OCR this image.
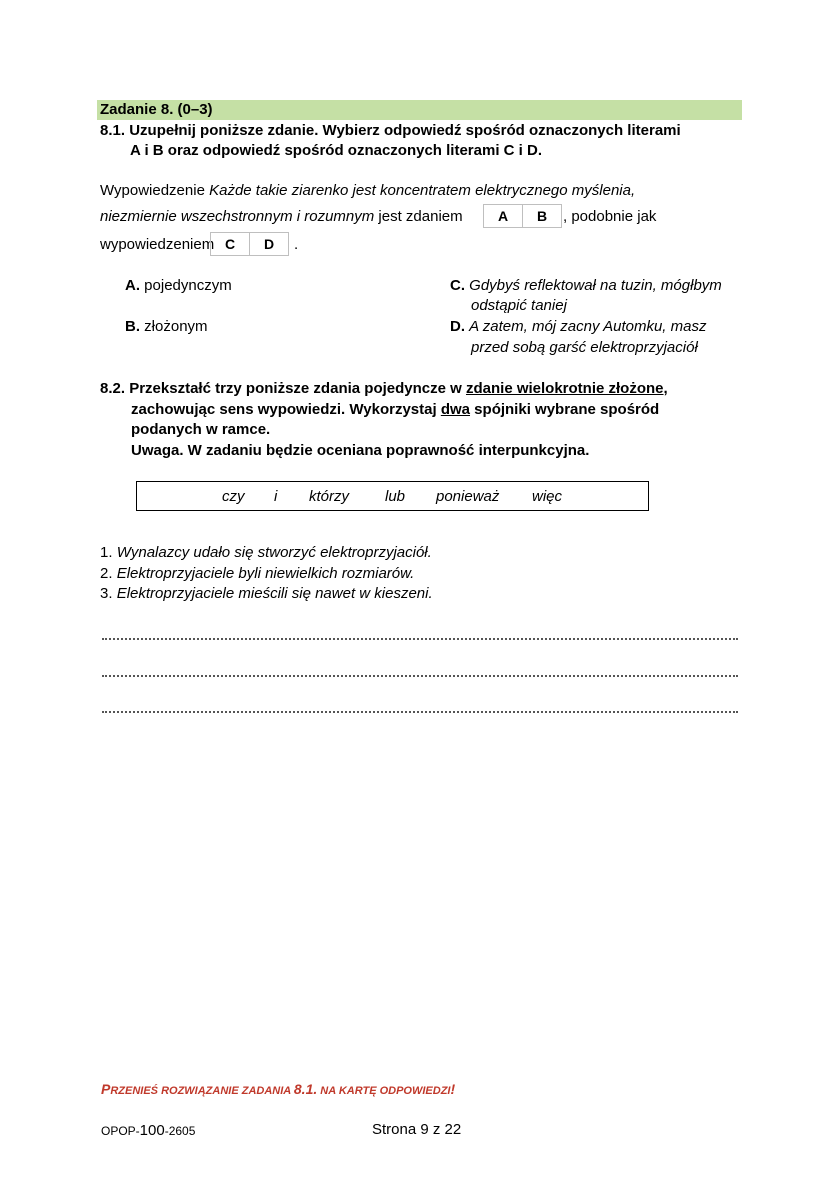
Zadanie 8. (0–3)
8.1. Uzupełnij poniższe zdanie. Wybierz odpowiedź spośród oznaczonych literami
A i B oraz odpowiedź spośród oznaczonych literami C i D.
Wypowiedzenie Każde takie ziarenko jest koncentratem elektrycznego myślenia,
niezmiernie wszechstronnym i rozumnym jest zdaniem	A B	, podobnie jak
wypowiedzeniem C D	.
A. pojedynczym
B. złożonym
C. Gdybyś reflektował na tuzin, mógłbym
odstąpić taniej
D. A zatem, mój zacny Automku, masz
przed sobą garść elektroprzyjaciół
8.2. Przekształć trzy poniższe zdania pojedyncze w zdanie wielokrotnie złożone,
zachowując sens wypowiedzi. Wykorzystaj dwa spójniki wybrane spośród
podanych w ramce.
Uwaga. W zadaniu będzie oceniana poprawność interpunkcyjna.
czy i którzy lub ponieważ więc
1. Wynalazcy udało się stworzyć elektroprzyjaciół.
2. Elektroprzyjaciele byli niewielkich rozmiarów.
3. Elektroprzyjaciele mieścili się nawet w kieszeni.
PRZENIEŚ ROZWIĄZANIE ZADANIA 8.1. NA KARTĘ ODPOWIEDZI!
OPOP-100-2605	Strona 9 z 22
